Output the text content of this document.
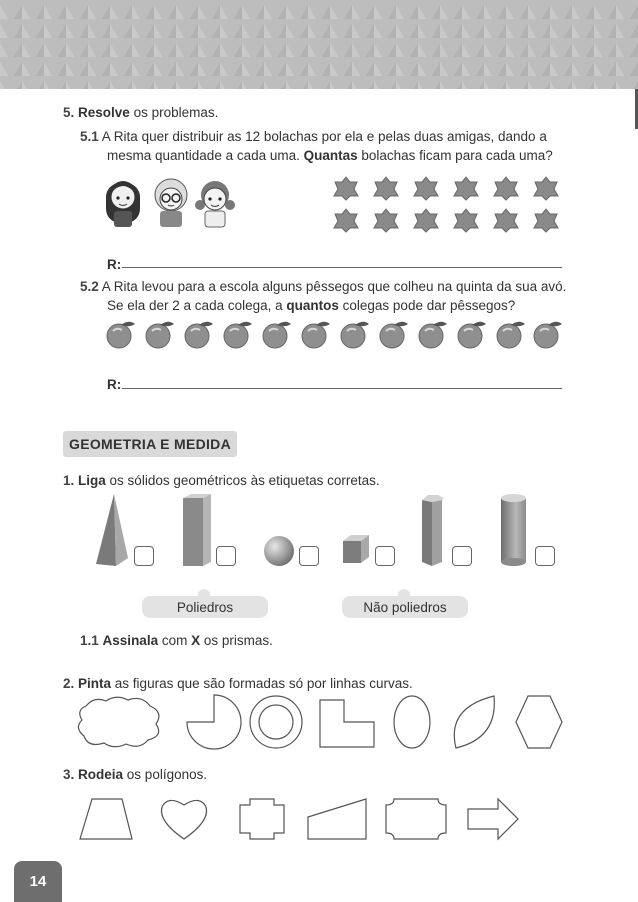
5. Resolve os problemas.
5.1 A Rita quer distribuir as 12 bolachas por ela e pelas duas amigas, dando a
mesma quantidade a cada uma. Quantas bolachas ficam para cada uma?
R:
5.2 A Rita levou para a escola alguns pêssegos que colheu na quinta da sua avó.
Se ela der 2 a cada colega, a quantos colegas pode dar pêssegos?
R:
GEOMETRIA E MEDIDA
1. Liga os sólidos geométricos às etiquetas corretas.
Poliedros	Não poliedros
1.1 Assinala com X os prismas.
2. Pinta as figuras que são formadas só por linhas curvas.
3. Rodeia os polígonos.
14
